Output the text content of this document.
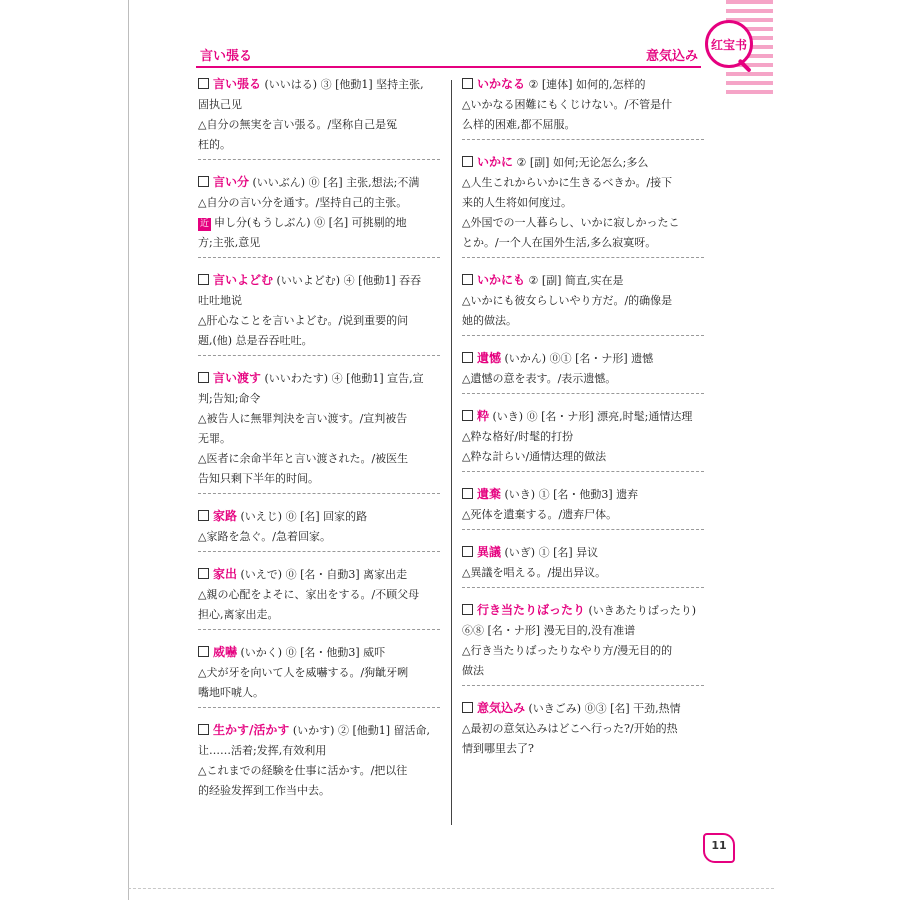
言い張る	意気込み
红宝书
言い張る (いいはる) ③ [他動1] 坚持主张,
固执己见
△自分の無実を言い張る。/坚称自己是冤
枉的。
言い分 (いいぶん) ⓪ [名] 主张,想法;不满
△自分の言い分を通す。/坚持自己的主张。
近 申し分(もうしぶん) ⓪ [名] 可挑剔的地
方;主张,意见
言いよどむ (いいよどむ) ④ [他動1] 吞吞
吐吐地说
△肝心なことを言いよどむ。/说到重要的问
题,(他) 总是吞吞吐吐。
言い渡す (いいわたす) ④ [他動1] 宣告,宣
判;告知;命令
△被告人に無罪判決を言い渡す。/宣判被告
无罪。
△医者に余命半年と言い渡された。/被医生
告知只剩下半年的时间。
家路 (いえじ) ⓪ [名] 回家的路
△家路を急ぐ。/急着回家。
家出 (いえで) ⓪ [名・自動3] 离家出走
△親の心配をよそに、家出をする。/不顾父母
担心,离家出走。
威嚇 (いかく) ⓪ [名・他動3] 威吓
△犬が牙を向いて人を威嚇する。/狗龇牙咧
嘴地吓唬人。
生かす/活かす (いかす) ② [他動1] 留活命,
让……活着;发挥,有效利用
△これまでの経験を仕事に活かす。/把以往
的经验发挥到工作当中去。
いかなる ② [連体] 如何的,怎样的
△いかなる困難にもくじけない。/不管是什
么样的困难,都不屈服。
いかに ② [副] 如何;无论怎么;多么
△人生これからいかに生きるべきか。/接下
来的人生将如何度过。
△外国での一人暮らし、いかに寂しかったこ
とか。/一个人在国外生活,多么寂寞呀。
いかにも ② [副] 简直,实在是
△いかにも彼女らしいやり方だ。/的确像是
她的做法。
遺憾 (いかん) ⓪① [名・ナ形] 遗憾
△遺憾の意を表す。/表示遗憾。
粋 (いき) ⓪ [名・ナ形] 漂亮,时髦;通情达理
△粋な格好/时髦的打扮
△粋な計らい/通情达理的做法
遺棄 (いき) ① [名・他動3] 遗弃
△死体を遺棄する。/遗弃尸体。
異議 (いぎ) ① [名] 异议
△異議を唱える。/提出异议。
行き当たりばったり (いきあたりばったり)
⑥⑧ [名・ナ形] 漫无目的,没有准谱
△行き当たりばったりなやり方/漫无目的的
做法
意気込み (いきごみ) ⓪③ [名] 干劲,热情
△最初の意気込みはどこへ行った?/开始的热
情到哪里去了?
11
